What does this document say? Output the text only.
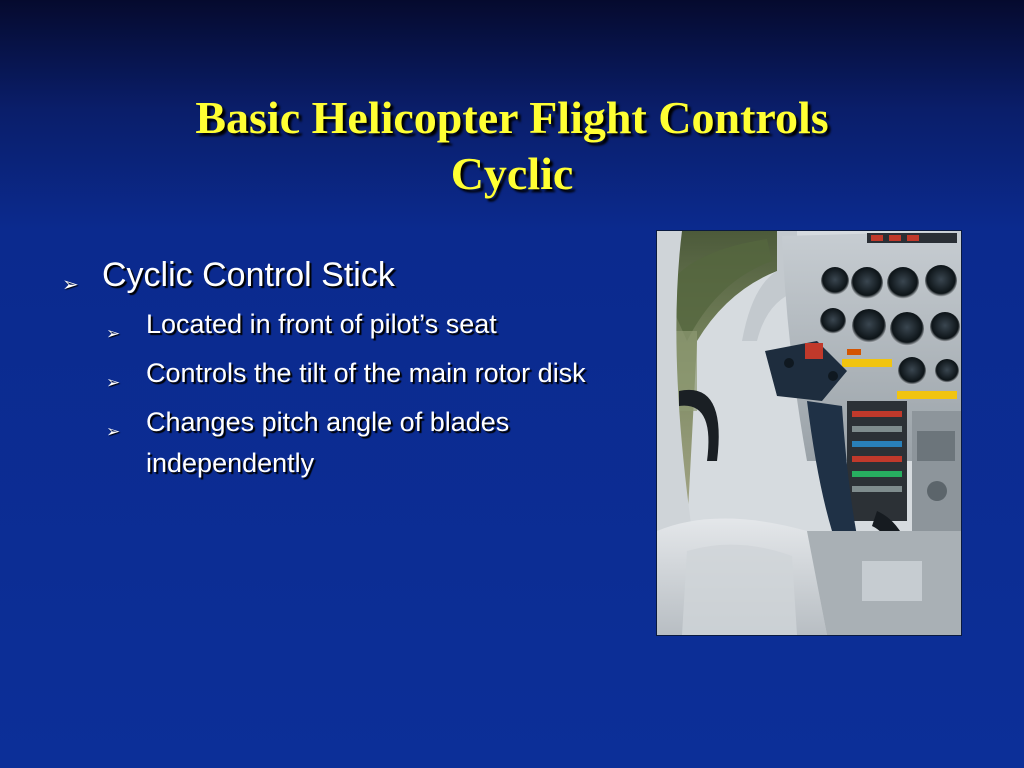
Basic Helicopter Flight Controls
Cyclic
➢ Cyclic Control Stick
➢ Located in front of pilot’s seat
➢ Controls the tilt of the main rotor disk
➢ Changes pitch angle of blades independently
